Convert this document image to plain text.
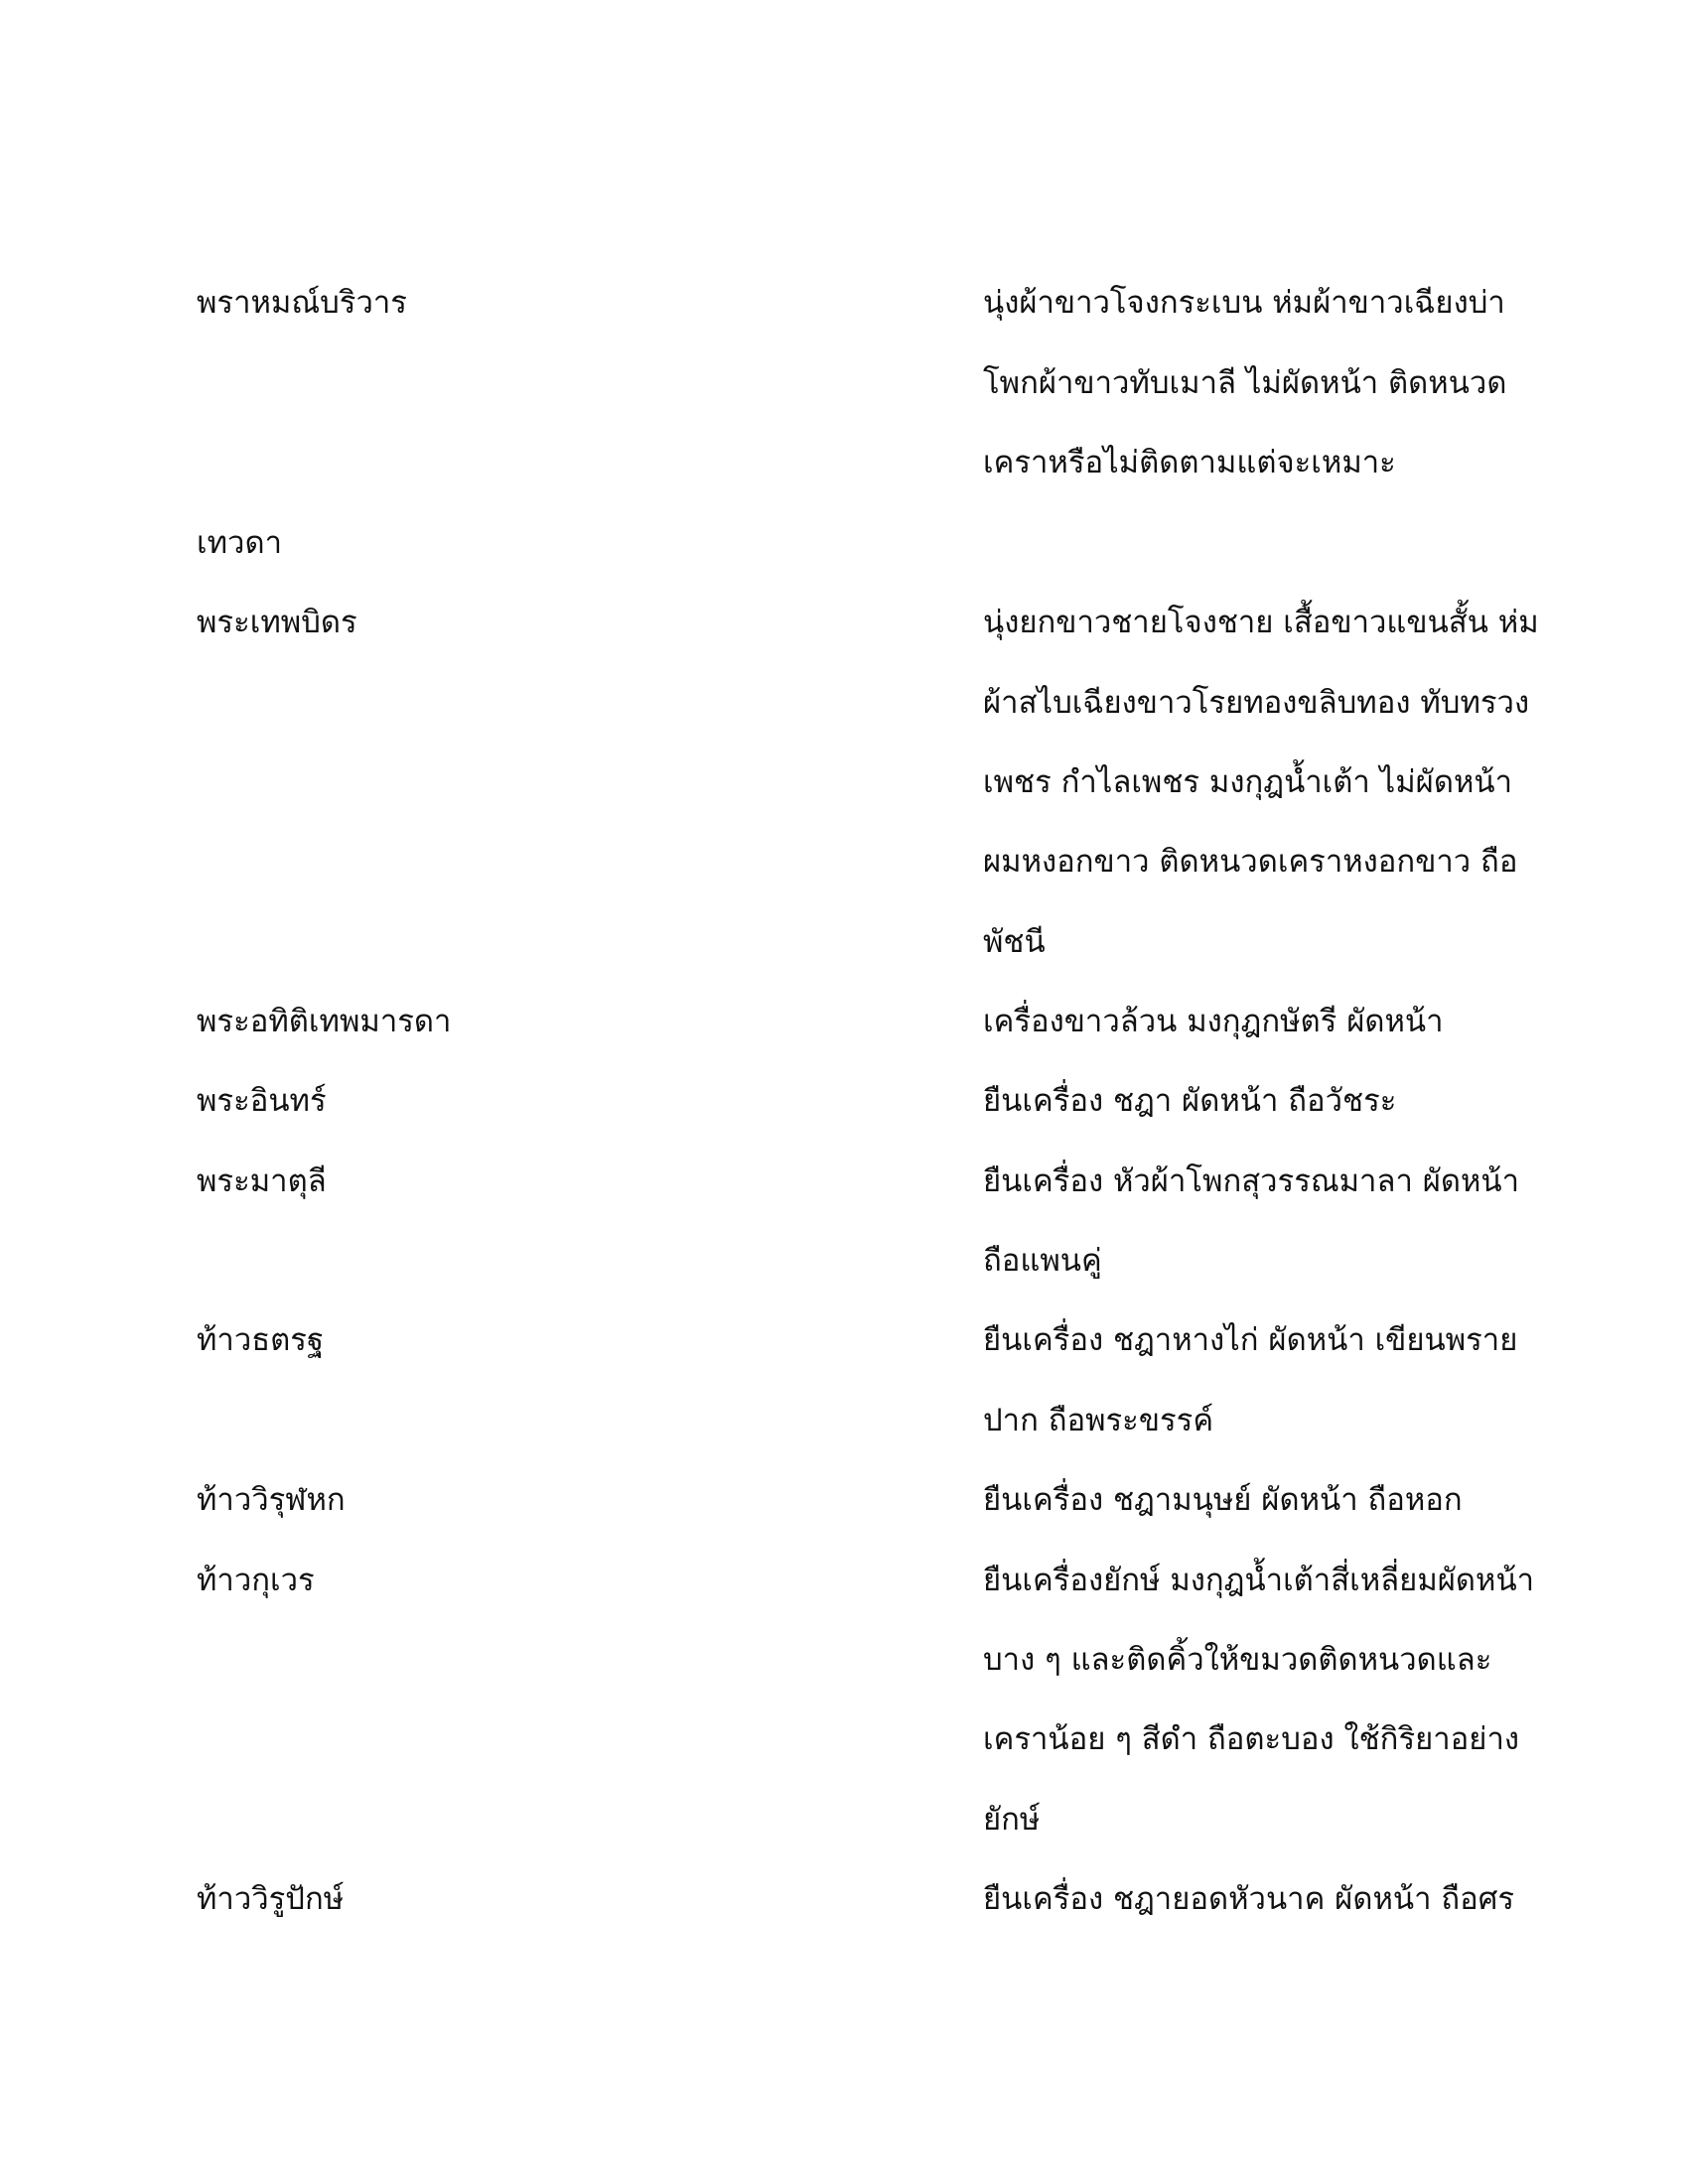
พราหมณ์บริวาร	นุ่งผ้าขาวโจงกระเบน ห่มผ้าขาวเฉียงบ่า
โพกผ้าขาวทับเมาลี ไม่ผัดหน้า ติดหนวด
เคราหรือไม่ติดตามแต่จะเหมาะ
เทวดา
พระเทพบิดร	นุ่งยกขาวชายโจงชาย เสื้อขาวแขนสั้น ห่ม
ผ้าสไบเฉียงขาวโรยทองขลิบทอง ทับทรวง
เพชร กำไลเพชร มงกุฎน้ำเต้า ไม่ผัดหน้า
ผมหงอกขาว ติดหนวดเคราหงอกขาว ถือ
พัชนี
พระอทิติเทพมารดา	เครื่องขาวล้วน มงกุฎกษัตรี ผัดหน้า
พระอินทร์	ยืนเครื่อง ชฎา ผัดหน้า ถือวัชระ
พระมาตุลี	ยืนเครื่อง หัวผ้าโพกสุวรรณมาลา ผัดหน้า
ถือแพนคู่
ท้าวธตรฐ	ยืนเครื่อง ชฎาหางไก่ ผัดหน้า เขียนพราย
ปาก ถือพระขรรค์
ท้าววิรุฬหก	ยืนเครื่อง ชฎามนุษย์ ผัดหน้า ถือหอก
ท้าวกุเวร	ยืนเครื่องยักษ์ มงกุฎน้ำเต้าสี่เหลี่ยมผัดหน้า
บาง ๆ และติดคิ้วให้ขมวดติดหนวดและ
เคราน้อย ๆ สีดำ ถือตะบอง ใช้กิริยาอย่าง
ยักษ์
ท้าววิรูปักษ์	ยืนเครื่อง ชฎายอดหัวนาค ผัดหน้า ถือศร
